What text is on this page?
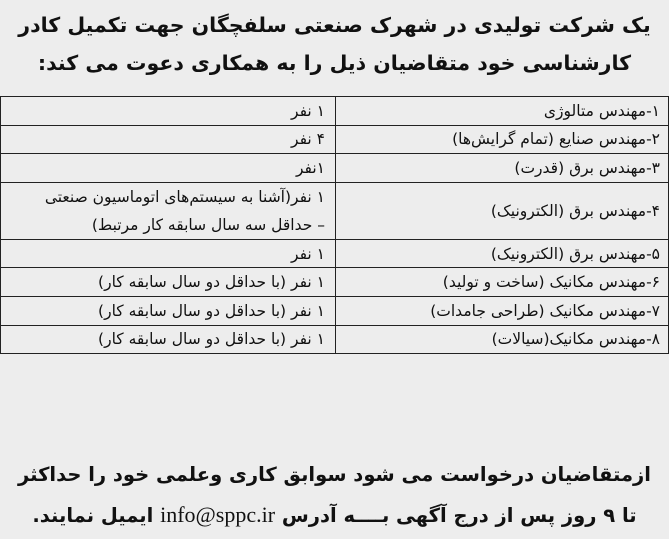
یک شرکت تولیدی در شهرک صنعتی سلفچگان جهت تکمیل کادر
کارشناسی خود متقاضیان ذیل را به همکاری دعوت می کند:
۱-مهندس متالوژی	۱ نفر
۲-مهندس صنایع (تمام گرایش‌ها)	۴ نفر
۳-مهندس برق (قدرت)	۱نفر
۴-مهندس برق (الکترونیک)	۱ نفر(آشنا به سیستم‌های اتوماسیون صنعتی
– حداقل سه سال سابقه کار مرتبط)

۵-مهندس برق (الکترونیک)	۱ نفر
۶-مهندس مکانیک (ساخت و تولید)	۱ نفر (با حداقل دو سال سابقه کار)
۷-مهندس مکانیک (طراحی جامدات)	۱ نفر (با حداقل دو سال سابقه کار)
۸-مهندس مکانیک(سیالات)	۱ نفر (با حداقل دو سال سابقه کار)
ازمتقاضیان درخواست می شود سوابق کاری وعلمی خود را حداکثر
تا ۹ روز پس از درج آگهی بــــه آدرس info@sppc.ir ایمیل نمایند.
